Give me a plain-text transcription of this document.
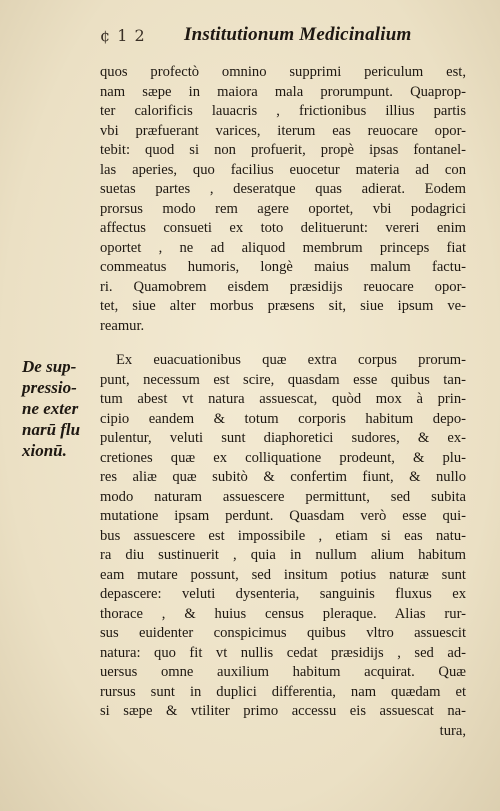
¢ 1 2 Institutionum Medicinalium
quos profectò omnino supprimi periculum est,
nam sæpe in maiora mala prorumpunt. Quaprop-
ter calorificis lauacris , frictionibus illius partis
vbi præfuerant varices, iterum eas reuocare opor-
tebit: quod si non profuerit, propè ipsas fontanel-
las aperies, quo facilius euocetur materia ad con
suetas partes , deseratque quas adierat. Eodem
prorsus modo rem agere oportet, vbi podagrici
affectus consueti ex toto delituerunt: vereri enim
oportet , ne ad aliquod membrum princeps fiat
commeatus humoris, longè maius malum factu-
ri. Quamobrem eisdem præsidijs reuocare opor-
tet, siue alter morbus præsens sit, siue ipsum ve-
reamur.
Ex euacuationibus quæ extra corpus prorum-
punt, necessum est scire, quasdam esse quibus tan-
tum abest vt natura assuescat, quòd mox à prin-
cipio eandem & totum corporis habitum depo-
pulentur, veluti sunt diaphoretici sudores, & ex-
cretiones quæ ex colliquatione prodeunt, & plu-
res aliæ quæ subitò & confertim fiunt, & nullo
modo naturam assuescere permittunt, sed subita
mutatione ipsam perdunt. Quasdam verò esse qui-
bus assuescere est impossibile , etiam si eas natu-
ra diu sustinuerit , quia in nullum alium habitum
eam mutare possunt, sed insitum potius naturæ sunt
depascere: veluti dysenteria, sanguinis fluxus ex
thorace , & huius census pleraque. Alias rur-
sus euidenter conspicimus quibus vltro assuescit
natura: quo fit vt nullis cedat præsidijs , sed ad-
uersus omne auxilium habitum acquirat. Quæ
rursus sunt in duplici differentia, nam quædam et
si sæpe & vtiliter primo accessu eis assuescat na-
tura,
De sup-
pressio-
ne exter
narū flu
xionū.
